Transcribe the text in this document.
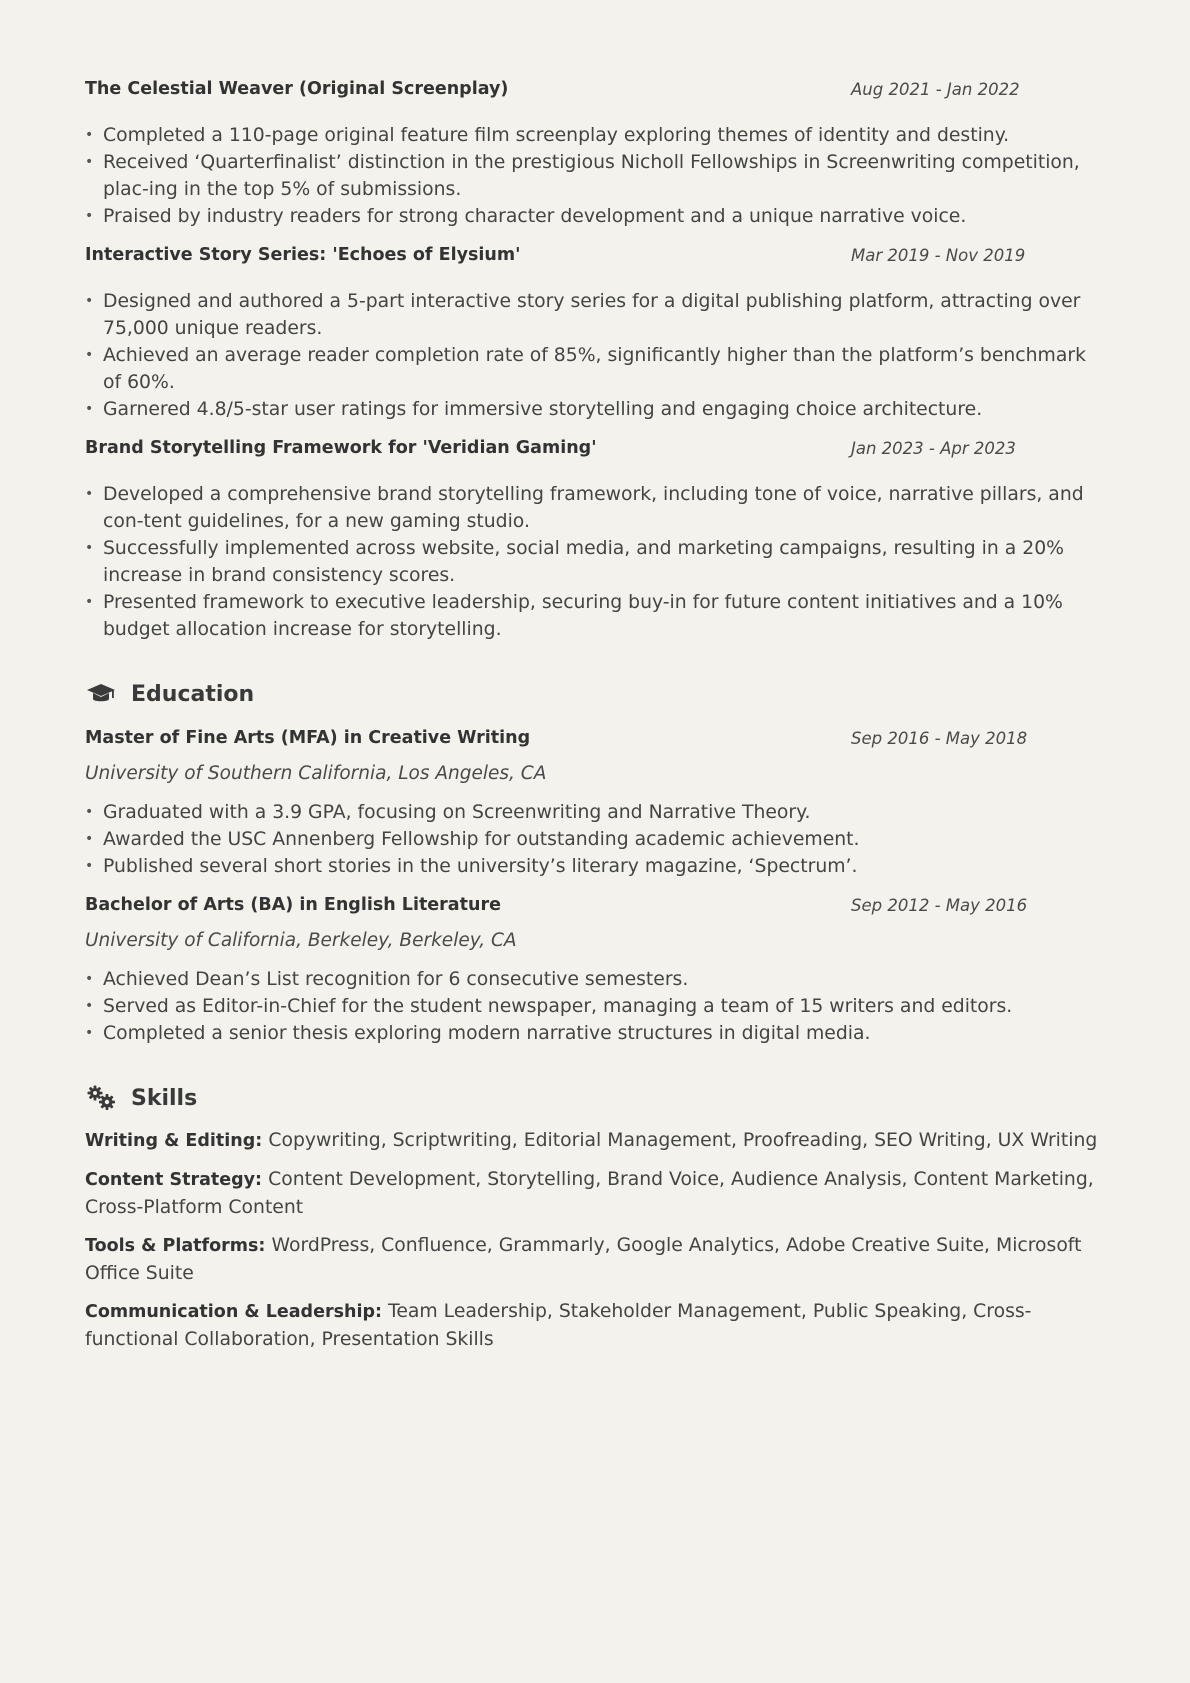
The Celestial Weaver (Original Screenplay)	Aug 2021 - Jan 2022
• Completed a 110-page original feature film screenplay exploring themes of identity and destiny.
• Received ‘Quarterfinalist’ distinction in the prestigious Nicholl Fellowships in Screenwriting competition, plac-ing in the top 5% of submissions.
• Praised by industry readers for strong character development and a unique narrative voice.
Interactive Story Series: 'Echoes of Elysium'	Mar 2019 - Nov 2019
• Designed and authored a 5-part interactive story series for a digital publishing platform, attracting over 75,000 unique readers.
• Achieved an average reader completion rate of 85%, significantly higher than the platform’s benchmark of 60%.
• Garnered 4.8/5-star user ratings for immersive storytelling and engaging choice architecture.
Brand Storytelling Framework for 'Veridian Gaming'	Jan 2023 - Apr 2023
• Developed a comprehensive brand storytelling framework, including tone of voice, narrative pillars, and con-tent guidelines, for a new gaming studio.
• Successfully implemented across website, social media, and marketing campaigns, resulting in a 20% increase in brand consistency scores.
• Presented framework to executive leadership, securing buy-in for future content initiatives and a 10% budget allocation increase for storytelling.
Education
Master of Fine Arts (MFA) in Creative Writing	Sep 2016 - May 2018
University of Southern California, Los Angeles, CA
• Graduated with a 3.9 GPA, focusing on Screenwriting and Narrative Theory.
• Awarded the USC Annenberg Fellowship for outstanding academic achievement.
• Published several short stories in the university’s literary magazine, ‘Spectrum’.
Bachelor of Arts (BA) in English Literature	Sep 2012 - May 2016
University of California, Berkeley, Berkeley, CA
• Achieved Dean’s List recognition for 6 consecutive semesters.
• Served as Editor-in-Chief for the student newspaper, managing a team of 15 writers and editors.
• Completed a senior thesis exploring modern narrative structures in digital media.
Skills
Writing & Editing: Copywriting, Scriptwriting, Editorial Management, Proofreading, SEO Writing, UX Writing
Content Strategy: Content Development, Storytelling, Brand Voice, Audience Analysis, Content Marketing, Cross-Platform Content
Tools & Platforms: WordPress, Confluence, Grammarly, Google Analytics, Adobe Creative Suite, Microsoft Office Suite
Communication & Leadership: Team Leadership, Stakeholder Management, Public Speaking, Cross-functional Collaboration, Presentation Skills
